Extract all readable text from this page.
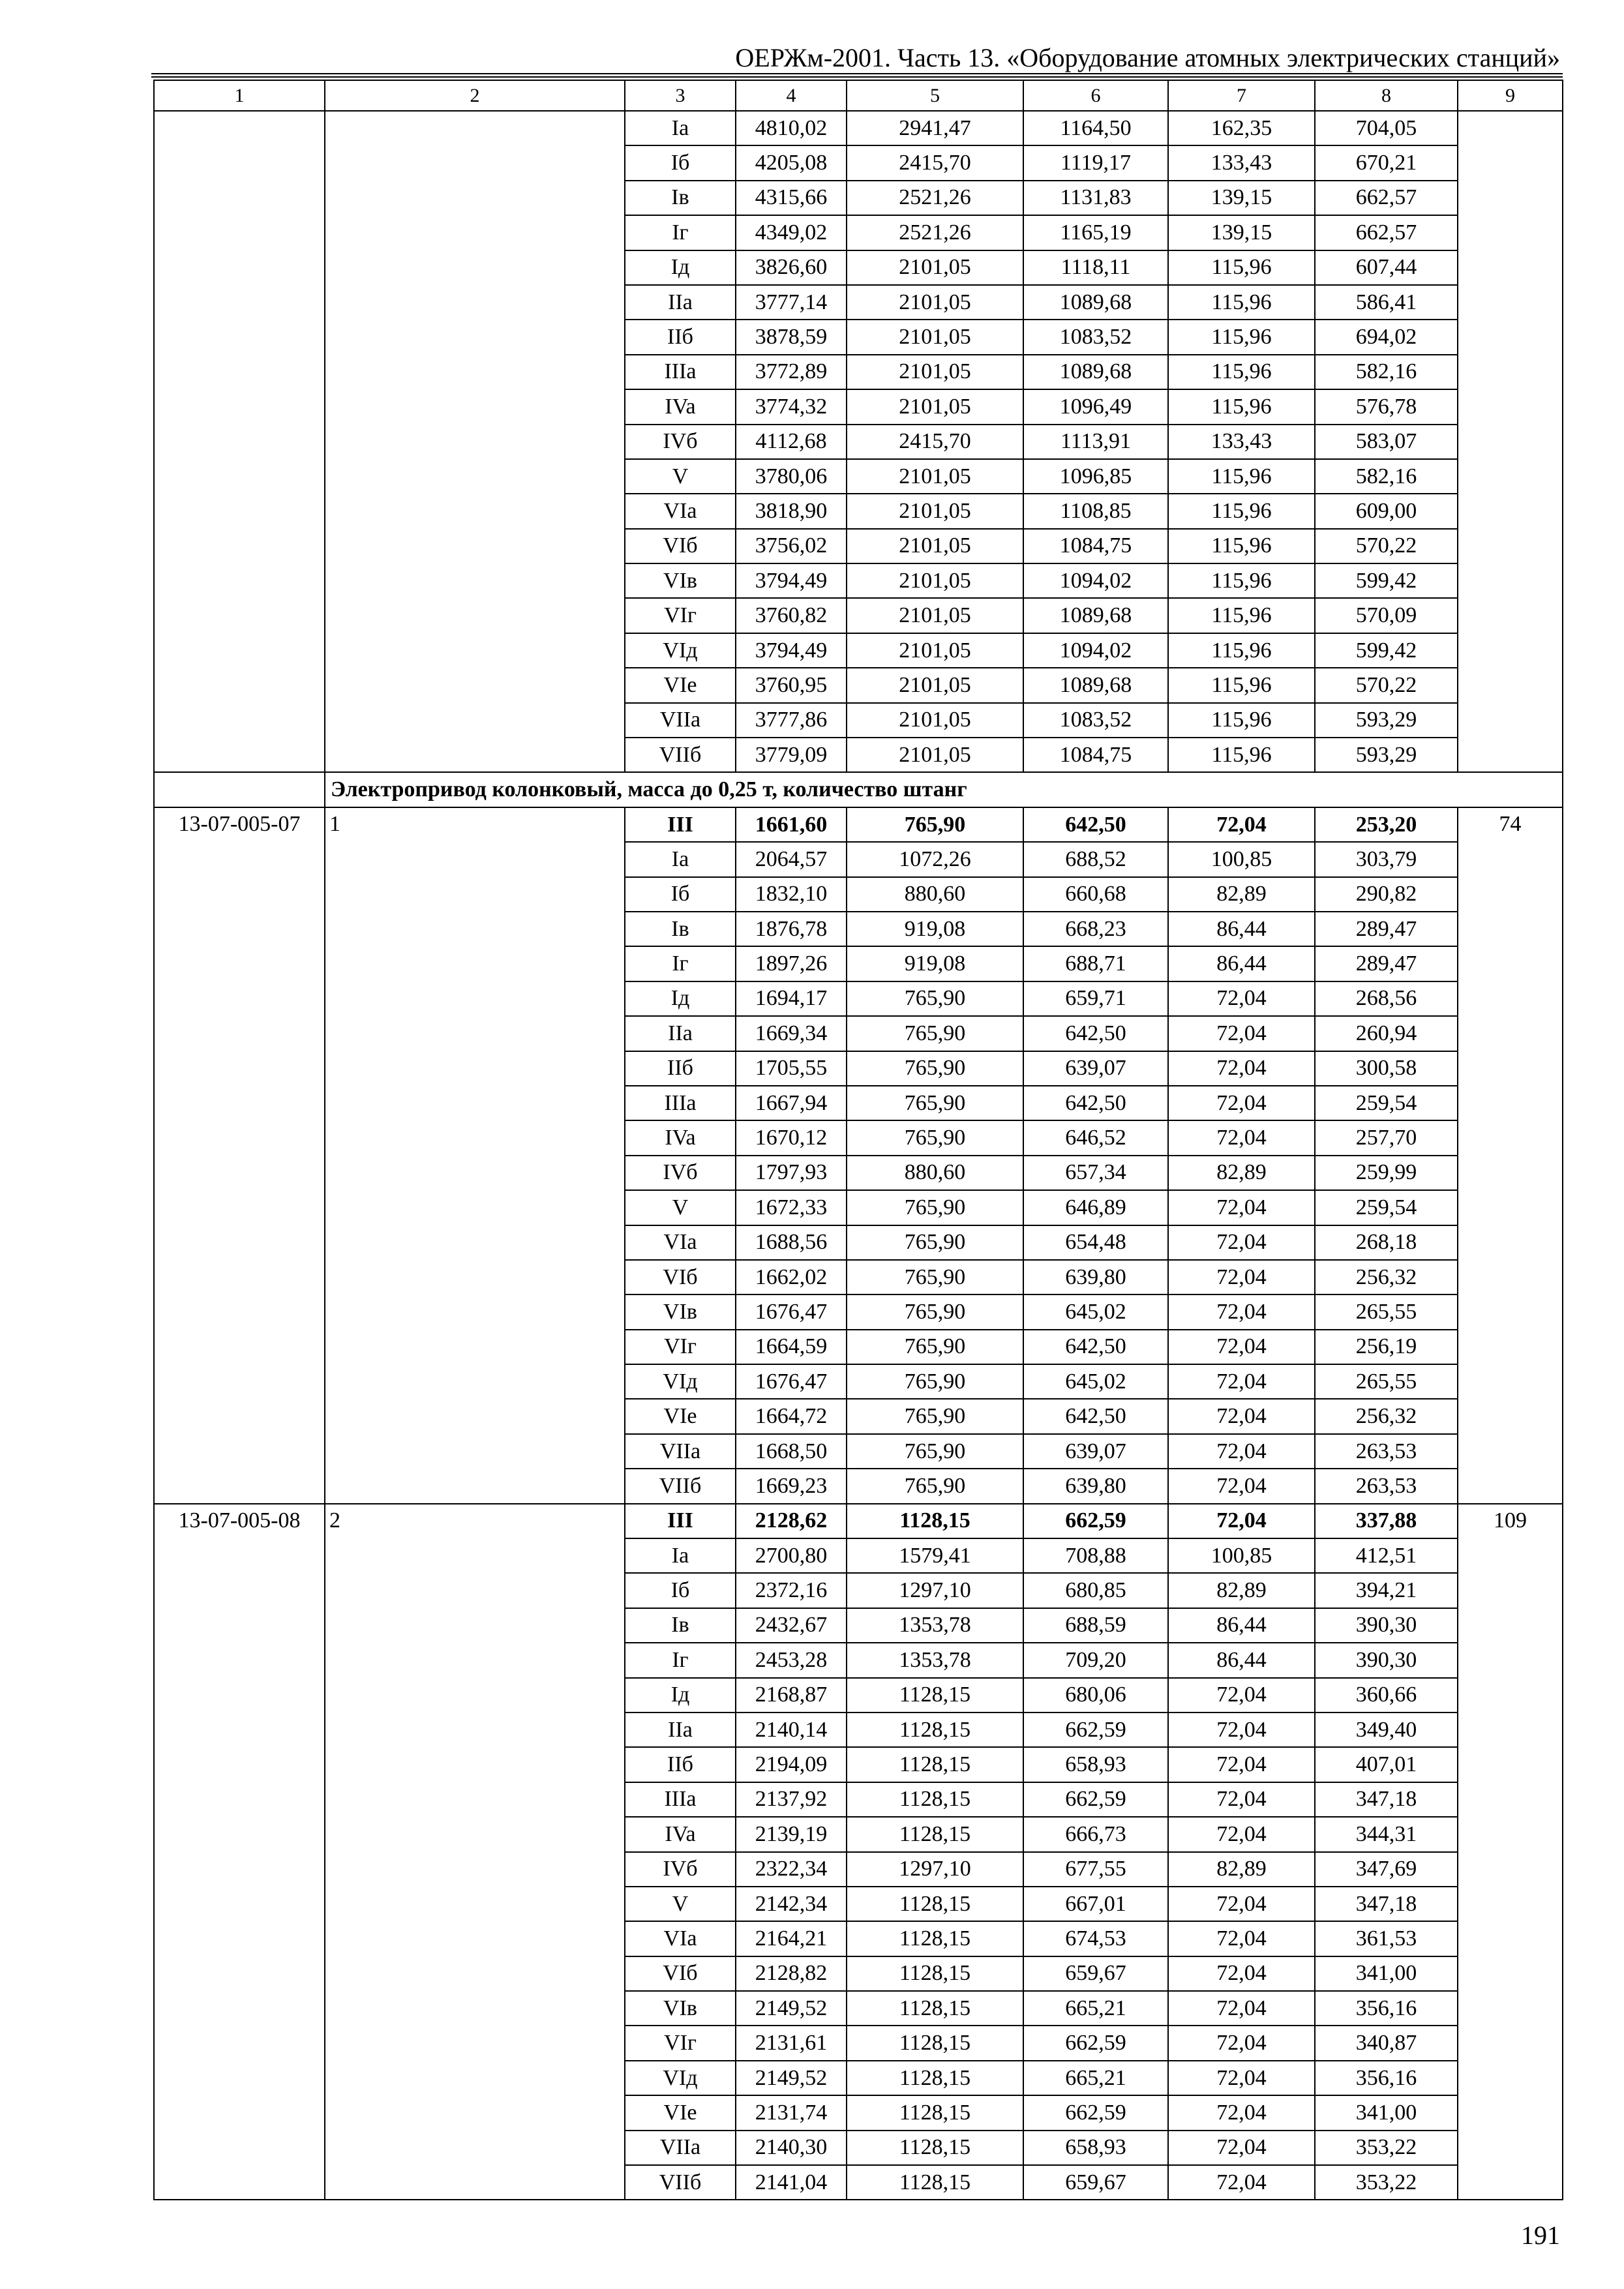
ОЕРЖм-2001. Часть 13. «Оборудование атомных электрических станций»
1	2	3	4	5	6	7	8	9
		Ia	4810,02	2941,47	1164,50	162,35	704,05	
		Iб	4205,08	2415,70	1119,17	133,43	670,21	
		Iв	4315,66	2521,26	1131,83	139,15	662,57	
		Iг	4349,02	2521,26	1165,19	139,15	662,57	
		Iд	3826,60	2101,05	1118,11	115,96	607,44	
		IIa	3777,14	2101,05	1089,68	115,96	586,41	
		IIб	3878,59	2101,05	1083,52	115,96	694,02	
		IIIa	3772,89	2101,05	1089,68	115,96	582,16	
		IVa	3774,32	2101,05	1096,49	115,96	576,78	
		IVб	4112,68	2415,70	1113,91	133,43	583,07	
		V	3780,06	2101,05	1096,85	115,96	582,16	
		VIa	3818,90	2101,05	1108,85	115,96	609,00	
		VIб	3756,02	2101,05	1084,75	115,96	570,22	
		VIв	3794,49	2101,05	1094,02	115,96	599,42	
		VIг	3760,82	2101,05	1089,68	115,96	570,09	
		VIд	3794,49	2101,05	1094,02	115,96	599,42	
		VIe	3760,95	2101,05	1089,68	115,96	570,22	
		VIIa	3777,86	2101,05	1083,52	115,96	593,29	
		VIIб	3779,09	2101,05	1084,75	115,96	593,29	
	Электропривод колонковый, масса до 0,25 т, количество штанг							
13-07-005-07	1	III	1661,60	765,90	642,50	72,04	253,20	74
		Ia	2064,57	1072,26	688,52	100,85	303,79	
		Iб	1832,10	880,60	660,68	82,89	290,82	
		Iв	1876,78	919,08	668,23	86,44	289,47	
		Iг	1897,26	919,08	688,71	86,44	289,47	
		Iд	1694,17	765,90	659,71	72,04	268,56	
		IIa	1669,34	765,90	642,50	72,04	260,94	
		IIб	1705,55	765,90	639,07	72,04	300,58	
		IIIa	1667,94	765,90	642,50	72,04	259,54	
		IVa	1670,12	765,90	646,52	72,04	257,70	
		IVб	1797,93	880,60	657,34	82,89	259,99	
		V	1672,33	765,90	646,89	72,04	259,54	
		VIa	1688,56	765,90	654,48	72,04	268,18	
		VIб	1662,02	765,90	639,80	72,04	256,32	
		VIв	1676,47	765,90	645,02	72,04	265,55	
		VIг	1664,59	765,90	642,50	72,04	256,19	
		VIд	1676,47	765,90	645,02	72,04	265,55	
		VIe	1664,72	765,90	642,50	72,04	256,32	
		VIIa	1668,50	765,90	639,07	72,04	263,53	
		VIIб	1669,23	765,90	639,80	72,04	263,53	
13-07-005-08	2	III	2128,62	1128,15	662,59	72,04	337,88	109
		Ia	2700,80	1579,41	708,88	100,85	412,51	
		Iб	2372,16	1297,10	680,85	82,89	394,21	
		Iв	2432,67	1353,78	688,59	86,44	390,30	
		Iг	2453,28	1353,78	709,20	86,44	390,30	
		Iд	2168,87	1128,15	680,06	72,04	360,66	
		IIa	2140,14	1128,15	662,59	72,04	349,40	
		IIб	2194,09	1128,15	658,93	72,04	407,01	
		IIIa	2137,92	1128,15	662,59	72,04	347,18	
		IVa	2139,19	1128,15	666,73	72,04	344,31	
		IVб	2322,34	1297,10	677,55	82,89	347,69	
		V	2142,34	1128,15	667,01	72,04	347,18	
		VIa	2164,21	1128,15	674,53	72,04	361,53	
		VIб	2128,82	1128,15	659,67	72,04	341,00	
		VIв	2149,52	1128,15	665,21	72,04	356,16	
		VIг	2131,61	1128,15	662,59	72,04	340,87	
		VIд	2149,52	1128,15	665,21	72,04	356,16	
		VIe	2131,74	1128,15	662,59	72,04	341,00	
		VIIa	2140,30	1128,15	658,93	72,04	353,22	
		VIIб	2141,04	1128,15	659,67	72,04	353,22	
191
